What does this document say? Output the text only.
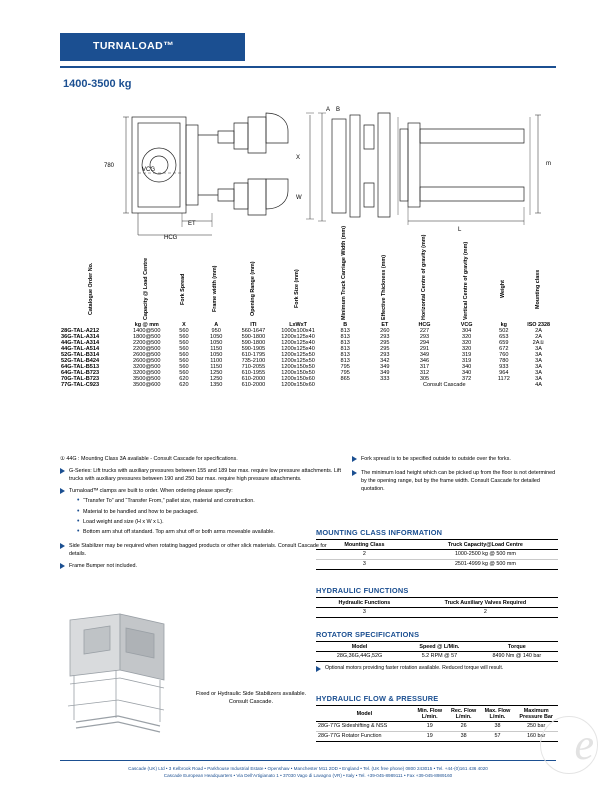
TURNALOAD™
1400-3500 kg
780
VCG
ET
HCG
X
W
A B
L
m
Catalogue Order No.	Capacity @ Load Centre	Fork Spread	Frame width (mm)	Opening Range (mm)	Fork Size (mm)	Minimum Truck Carriage Width (mm)	Effective Thickness (mm)	Horizontal Centre of gravity (mm)	Vertical Centre of gravity (mm)	Weight	Mounting class
	kg @ mm	X	A	ITI	LxWxT	B	ET	HCG	VCG	kg	ISO 2328
28G-TAL-A212	1400@500	560	950	560-1647	1000x100x41	813	260	227	304	502	2A
36G-TAL-A314	1800@500	560	1050	590-1800	1200x125x40	813	293	293	320	653	2A
44G-TAL-A314	2200@500	560	1050	590-1800	1200x125x40	813	295	294	320	659	2A①
44G-TAL-A514	2200@500	560	1150	590-1905	1200x125x40	813	295	291	320	672	3A
52G-TAL-B314	2600@500	560	1050	610-1795	1200x125x50	813	293	349	319	760	3A
52G-TAL-B424	2600@500	560	1100	735-2100	1200x125x50	813	342	346	319	780	3A
64G-TAL-B513	3200@500	560	1150	710-2055	1200x150x50	795	349	317	340	933	3A
64G-TAL-B723	3200@500	560	1250	610-1955	1200x150x50	795	349	312	340	964	3A
70G-TAL-B723	3500@500	620	1250	610-2000	1200x150x60	865	333	305	372	1172	3A
77G-TAL-C923	3500@600	620	1350	610-2000	1200x150x60		Consult Cascade				4A
① 44G : Mounting Class 3A available - Consult Cascade for specifications.
G-Series: Lift trucks with auxiliary pressures between 155 and 189 bar max. require low pressure attachments. Lift trucks with auxiliary pressures between 190 and 250 bar max. require high pressure attachments.
Turnaloadᵀᴹ clamps are built to order. When ordering please specify:
• “Transfer To” and “Transfer From,” pallet size, material and construction.
• Material to be handled and how to be packaged.
• Load weight and size (H x W x L).
• Bottom arm shut off standard. Top arm shut off or both arms moveable available.
Side Stabilizer may be required when rotating bagged products or other slick materials. Consult Cascade for details.
Frame Bumper not included.
Fork spread is to be specified outside to outside over the forks.
The minimum load height which can be picked up from the floor is not determined by the opening range, but by the frame width. Consult Cascade for detailed quotation.
MOUNTING CLASS INFORMATION
Mounting Class	Truck Capacity@Load Centre
2	1000-2500 kg @ 500 mm
3	2501-4999 kg @ 500 mm
HYDRAULIC FUNCTIONS
Hydraulic Functions	Truck Auxiliary Valves Required
3	2
ROTATOR SPECIFICATIONS
Model	Speed @ L/Min.	Torque
28G,36G,44G,52G	5.2 RPM @ 57	8490 Nm @ 140 bar
Optional motors providing faster rotation available. Reduced torque will result.
HYDRAULIC FLOW & PRESSURE
Model	Min. Flow L/min.	Rec. Flow L/min.	Max. Flow L/min.	Maximum Pressure Bar
28G-77G Sideshifting & NSS	19	26	38	250 bar
28G-77G Rotator Function	19	38	57	160 bar
Fixed or Hydraulic Side Stabilizers available. Consult Cascade.
Cascade (UK) Ltd • 3 Kelbrook Road • Parkhouse Industrial Estate • Openshaw • Manchester M11 2DD • England • Tel. (UK free phone) 0800 243015 • Tel. +44-(0)161 436 4020
Cascade European Headquarters • Via Dell'Artigianato 1 • 37030 Vago di Lavagno (VR) • Italy • Tel. +39-045-8989111 • Fax +39-045-8989160
e
